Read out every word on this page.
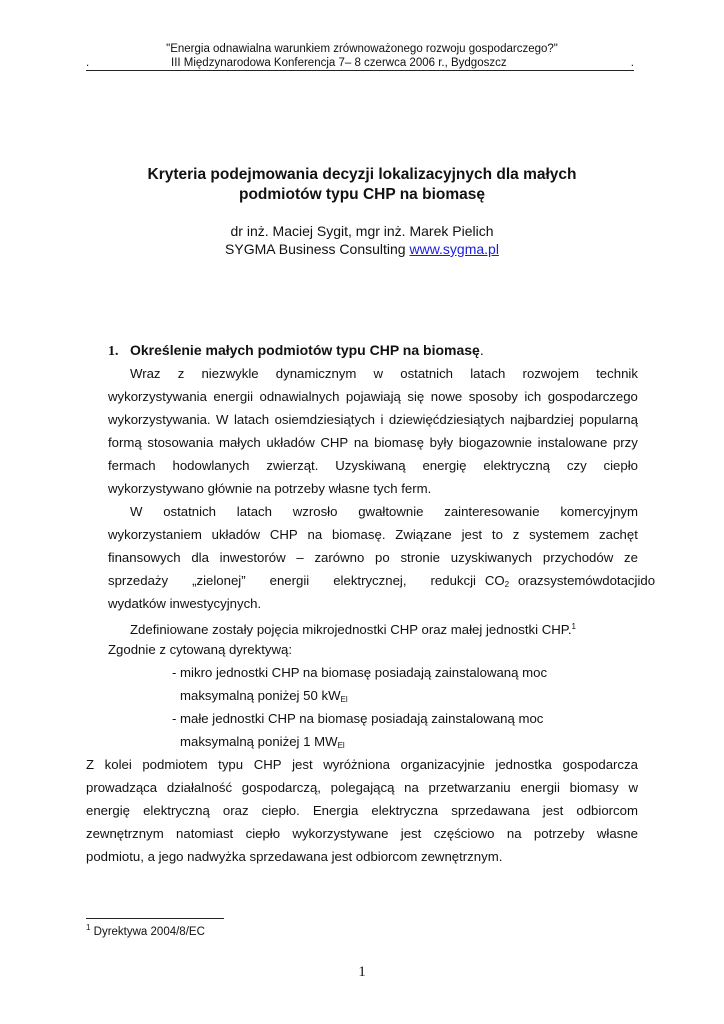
"Energia odnawialna warunkiem zrównoważonego rozwoju gospodarczego?"
.	III Międzynarodowa Konferencja 7– 8 czerwca 2006 r., Bydgoszcz	.
Kryteria podejmowania decyzji lokalizacyjnych dla małych
podmiotów typu CHP na biomasę
dr inż. Maciej Sygit, mgr inż. Marek Pielich
SYGMA Business Consulting www.sygma.pl
1. Określenie małych podmiotów typu CHP na biomasę.
Wraz z niezwykle dynamicznym w ostatnich latach rozwojem technik
wykorzystywania energii odnawialnych pojawiają się nowe sposoby ich gospodarczego
wykorzystywania. W latach osiemdziesiątych i dziewięćdziesiątych najbardziej popularną
formą stosowania małych układów CHP na biomasę były biogazownie instalowane przy
fermach hodowlanych zwierząt. Uzyskiwaną energię elektryczną czy ciepło
wykorzystywano głównie na potrzeby własne tych ferm.
W ostatnich latach wzrosło gwałtownie zainteresowanie komercyjnym
wykorzystaniem układów CHP na biomasę. Związane jest to z systemem zachęt
finansowych dla inwestorów – zarówno po stronie uzyskiwanych przychodów ze
sprzedaży „zielonej” energii elektrycznej, redukcji $CO_2$ oraz systemów dotacji do
wydatków inwestycyjnych.
Zdefiniowane zostały pojęcia mikrojednostki CHP oraz małej jednostki CHP.$^1$
Zgodnie z cytowaną dyrektywą:
- mikro jednostki CHP na biomasę posiadają zainstalowaną moc
maksymalną poniżej 50 $kW_{El}$
- małe jednostki CHP na biomasę posiadają zainstalowaną moc
maksymalną poniżej 1 $MW_{El}$
Z kolei podmiotem typu CHP jest wyróżniona organizacyjnie jednostka gospodarcza
prowadząca działalność gospodarczą, polegającą na przetwarzaniu energii biomasy w
energię elektryczną oraz ciepło. Energia elektryczna sprzedawana jest odbiorcom
zewnętrznym natomiast ciepło wykorzystywane jest częściowo na potrzeby własne
podmiotu, a jego nadwyżka sprzedawana jest odbiorcom zewnętrznym.
$^1$ Dyrektywa 2004/8/EC
1
